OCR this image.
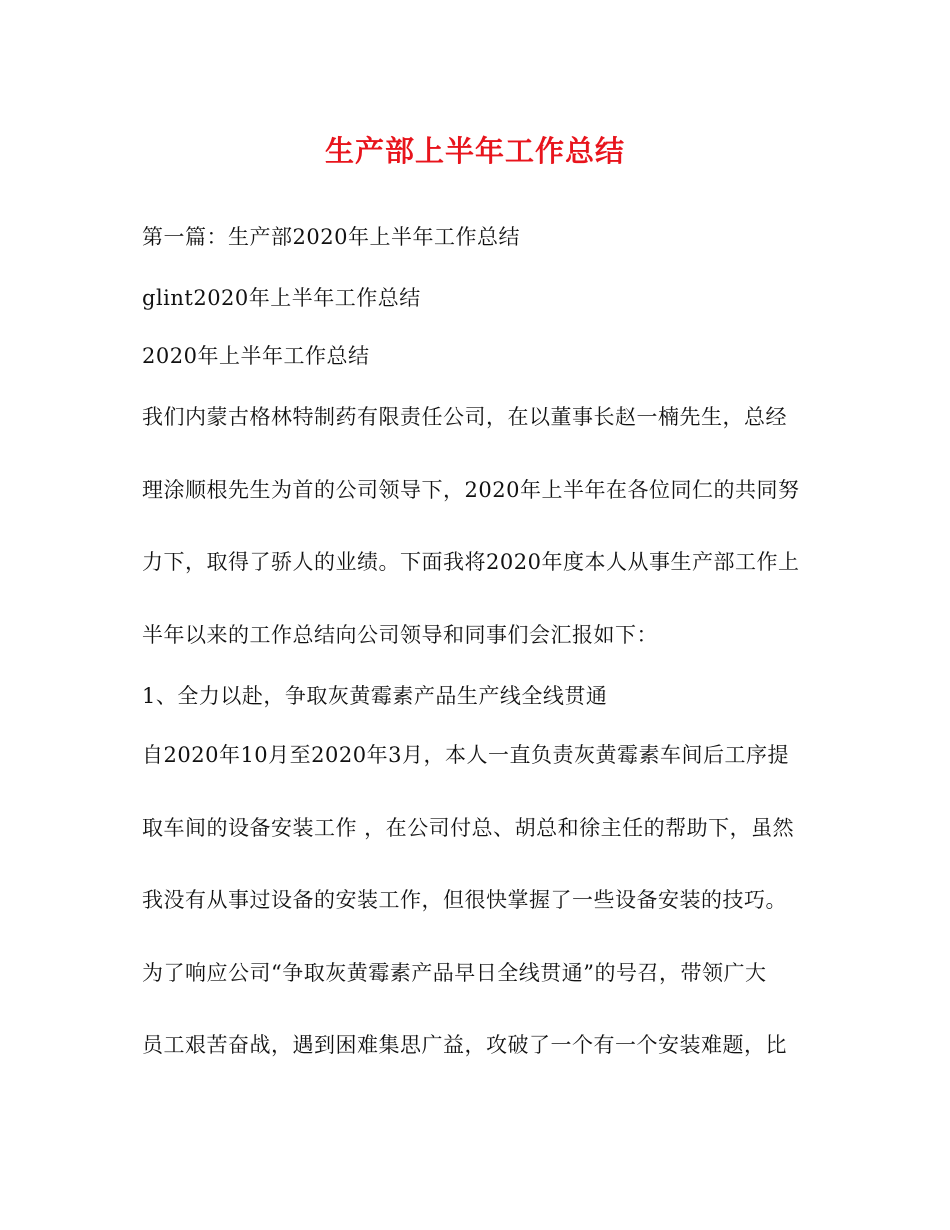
生产部上半年工作总结
第一篇：生产部2020年上半年工作总结
glint2020年上半年工作总结
2020年上半年工作总结
我们内蒙古格林特制药有限责任公司，在以董事长赵一楠先生，总经
理涂顺根先生为首的公司领导下，2020年上半年在各位同仁的共同努
力下，取得了骄人的业绩。下面我将2020年度本人从事生产部工作上
半年以来的工作总结向公司领导和同事们会汇报如下：
1、全力以赴，争取灰黄霉素产品生产线全线贯通
自2020年10月至2020年3月，本人一直负责灰黄霉素车间后工序提
取车间的设备安装工作 ，在公司付总、胡总和徐主任的帮助下，虽然
我没有从事过设备的安装工作，但很快掌握了一些设备安装的技巧。
为了响应公司“争取灰黄霉素产品早日全线贯通”的号召，带领广大
员工艰苦奋战，遇到困难集思广益，攻破了一个有一个安装难题，比
